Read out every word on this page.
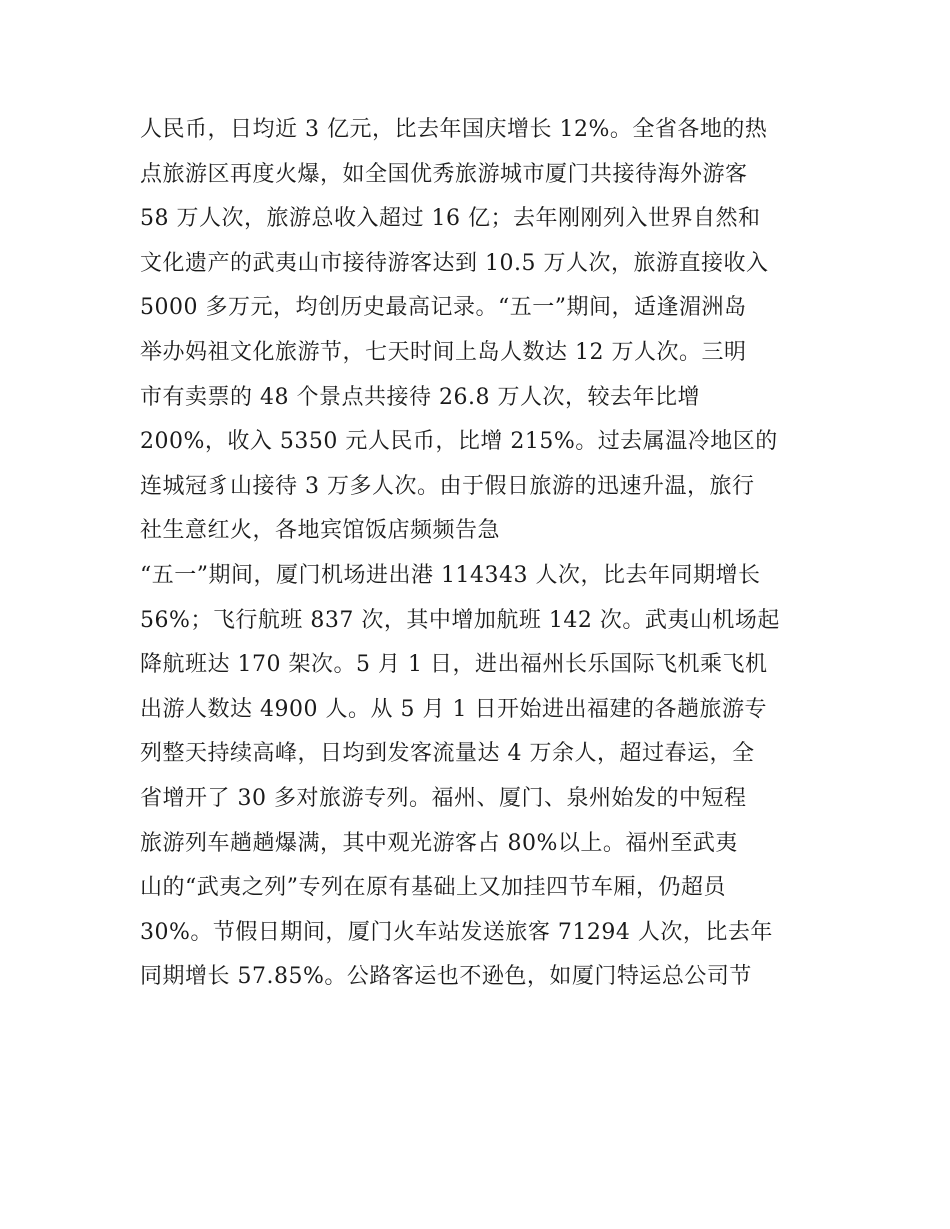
人民币，日均近 3 亿元，比去年国庆增长 12%。全省各地的热
点旅游区再度火爆，如全国优秀旅游城市厦门共接待海外游客
58 万人次，旅游总收入超过 16 亿；去年刚刚列入世界自然和
文化遗产的武夷山市接待游客达到 10.5 万人次，旅游直接收入
5000 多万元，均创历史最高记录。“五一”期间，适逢湄洲岛
举办妈祖文化旅游节，七天时间上岛人数达 12 万人次。三明
市有卖票的 48 个景点共接待 26.8 万人次，较去年比增
200%，收入 5350 元人民币，比增 215%。过去属温冷地区的
连城冠豸山接待 3 万多人次。由于假日旅游的迅速升温，旅行
社生意红火，各地宾馆饭店频频告急
“五一”期间，厦门机场进出港 114343 人次，比去年同期增长
56%；飞行航班 837 次，其中增加航班 142 次。武夷山机场起
降航班达 170 架次。5 月 1 日，进出福州长乐国际飞机乘飞机
出游人数达 4900 人。从 5 月 1 日开始进出福建的各趟旅游专
列整天持续高峰，日均到发客流量达 4 万余人，超过春运，全
省增开了 30 多对旅游专列。福州、厦门、泉州始发的中短程
旅游列车趟趟爆满，其中观光游客占 80%以上。福州至武夷
山的“武夷之列”专列在原有基础上又加挂四节车厢，仍超员
30%。节假日期间，厦门火车站发送旅客 71294 人次，比去年
同期增长 57.85%。公路客运也不逊色，如厦门特运总公司节
